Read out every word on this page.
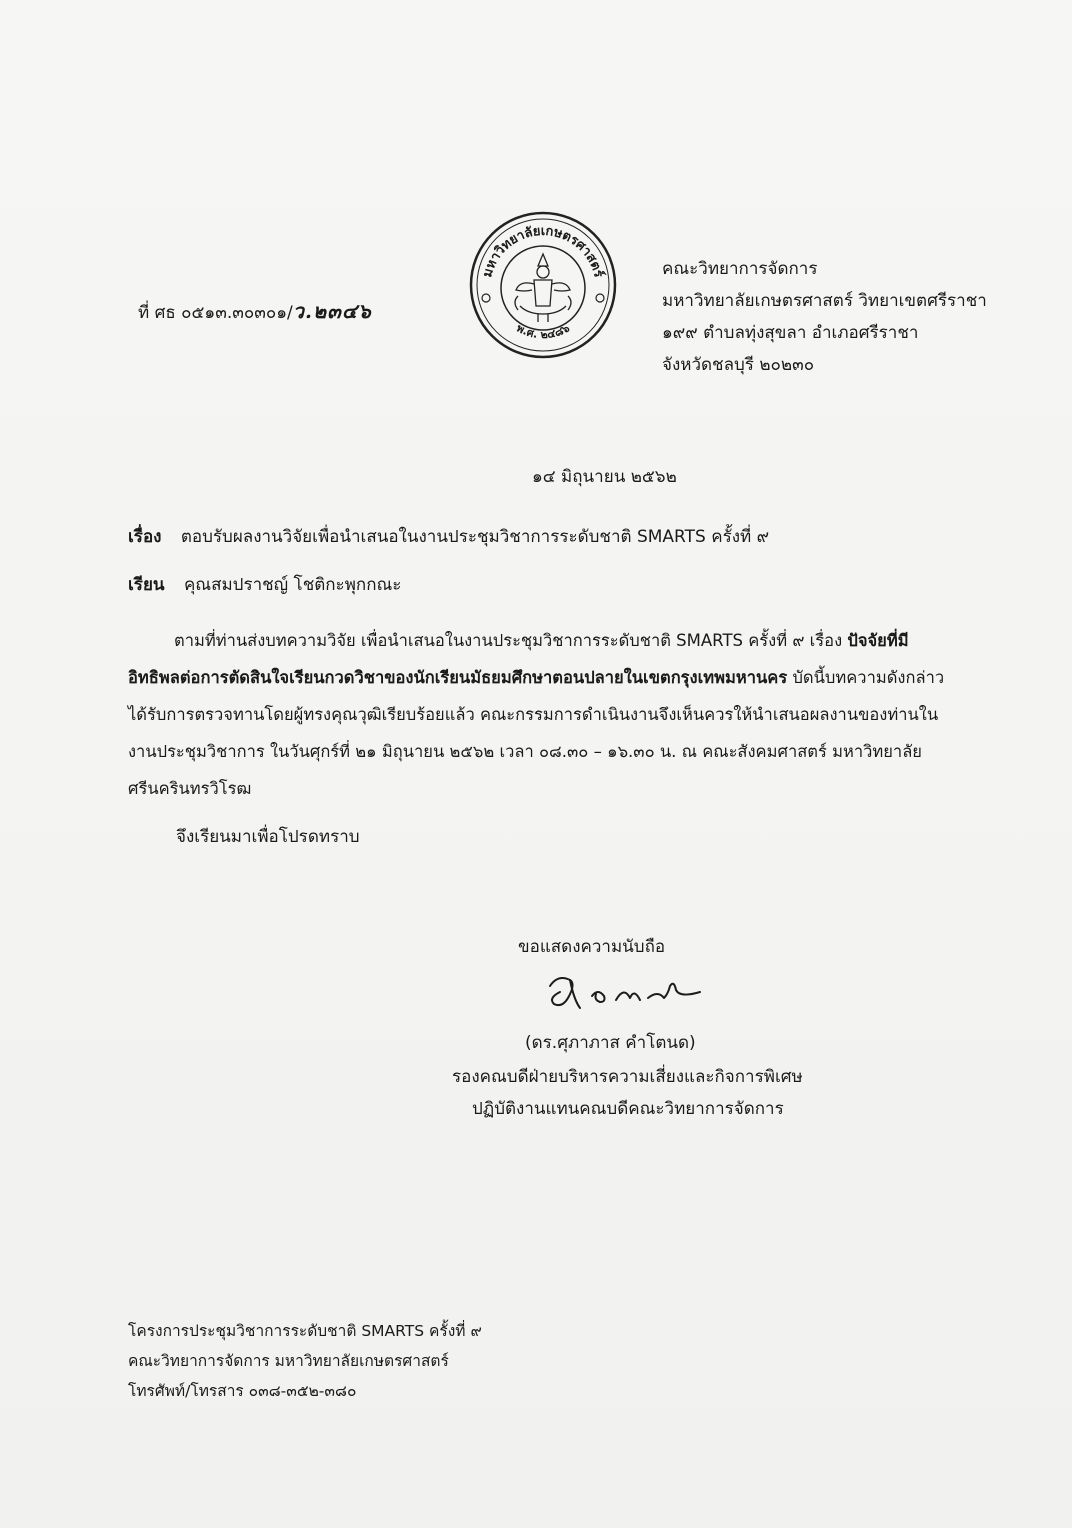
ที่ ศธ ๐๕๑๓.๓๐๓๐๑/ว.๒๓๔๖
มหาวิทยาลัยเกษตรศาสตร์
พ.ศ. ๒๔๘๖
คณะวิทยาการจัดการ
มหาวิทยาลัยเกษตรศาสตร์ วิทยาเขตศรีราชา
๑๙๙ ตำบลทุ่งสุขลา อำเภอศรีราชา
จังหวัดชลบุรี ๒๐๒๓๐
๑๔ มิถุนายน ๒๕๖๒
เรื่อง ตอบรับผลงานวิจัยเพื่อนำเสนอในงานประชุมวิชาการระดับชาติ SMARTS ครั้งที่ ๙
เรียน คุณสมปราชญ์ โชติกะพุกกณะ
ตามที่ท่านส่งบทความวิจัย เพื่อนำเสนอในงานประชุมวิชาการระดับชาติ SMARTS ครั้งที่ ๙ เรื่อง ปัจจัยที่มีอิทธิพลต่อการตัดสินใจเรียนกวดวิชาของนักเรียนมัธยมศึกษาตอนปลายในเขตกรุงเทพมหานคร บัดนี้บทความดังกล่าวได้รับการตรวจทานโดยผู้ทรงคุณวุฒิเรียบร้อยแล้ว คณะกรรมการดำเนินงานจึงเห็นควรให้นำเสนอผลงานของท่านในงานประชุมวิชาการ ในวันศุกร์ที่ ๒๑ มิถุนายน ๒๕๖๒ เวลา ๐๘.๓๐ – ๑๖.๓๐ น. ณ คณะสังคมศาสตร์ มหาวิทยาลัยศรีนครินทรวิโรฒ
จึงเรียนมาเพื่อโปรดทราบ
ขอแสดงความนับถือ
(ดร.ศุภาภาส คำโตนด)
รองคณบดีฝ่ายบริหารความเสี่ยงและกิจการพิเศษ
ปฏิบัติงานแทนคณบดีคณะวิทยาการจัดการ
โครงการประชุมวิชาการระดับชาติ SMARTS ครั้งที่ ๙
คณะวิทยาการจัดการ มหาวิทยาลัยเกษตรศาสตร์
โทรศัพท์/โทรสาร ๐๓๘-๓๕๒-๓๘๐
